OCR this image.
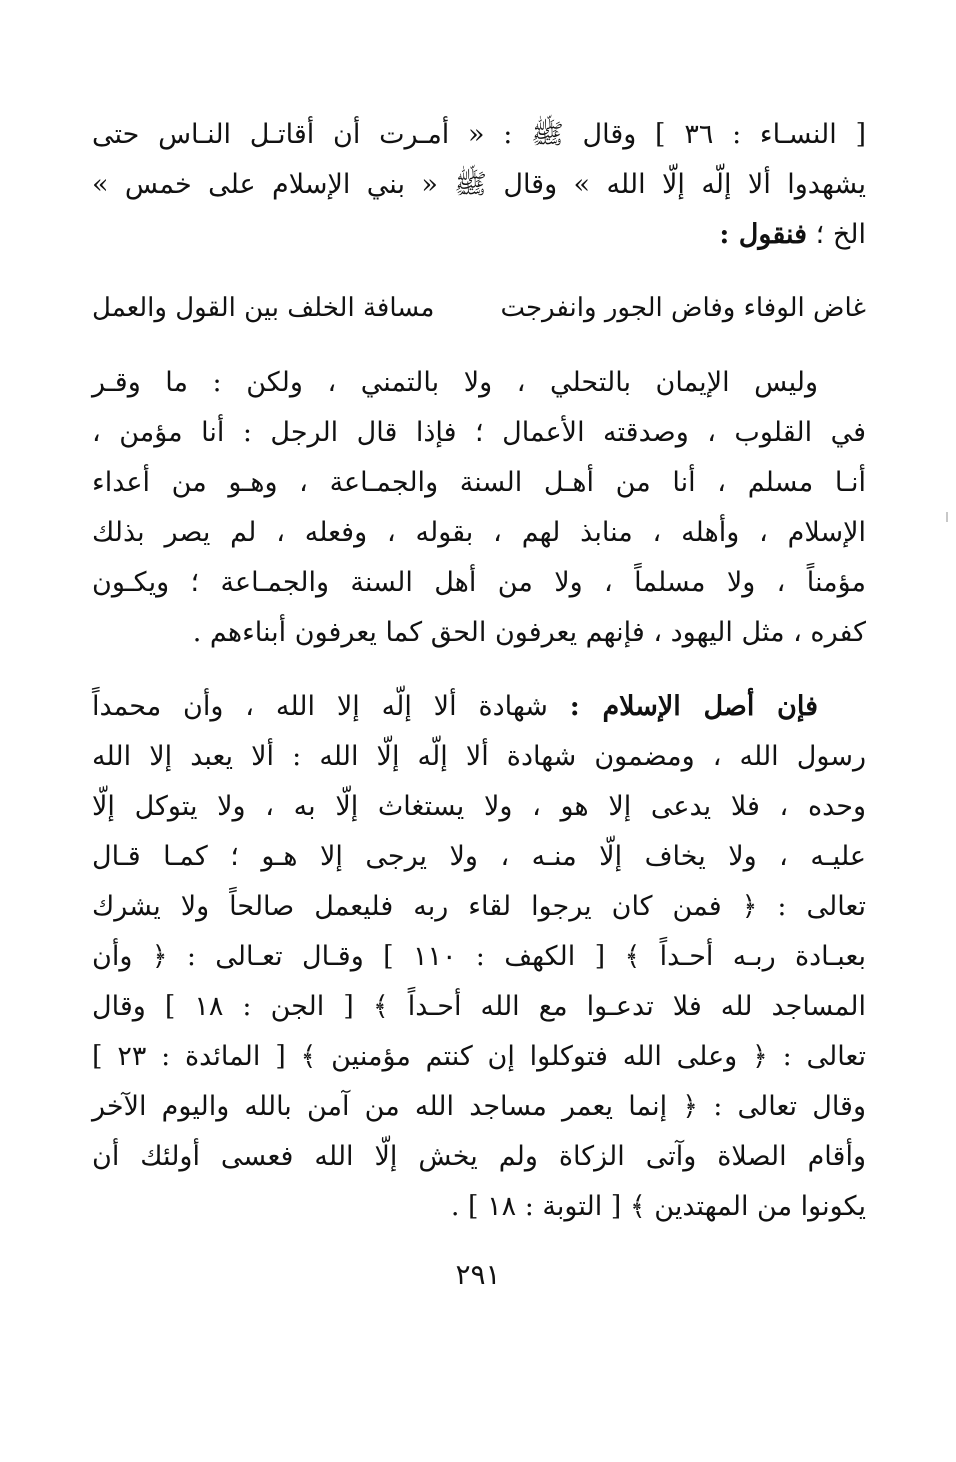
[ النسـاء : ٣٦ ] وقال ﷺ : « أمـرت أن أقاتـل النـاس حتى
يشهدوا ألا إلّه إلّا الله » وقال ﷺ « بني الإسلام على خمس »
الخ ؛ فنقول :
غاض الوفاء وفاض الجور وانفرجت
مسافة الخلف بين القول والعمل
وليس الإيمان بالتحلي ، ولا بالتمني ، ولكن : ما وقـر
في القلوب ، وصدقته الأعمال ؛ فإذا قال الرجل : أنا مؤمن ،
أنـا مسلم ، أنا من أهـل السنة والجمـاعة ، وهـو من أعداء
الإسلام ، وأهله ، منابذ لهم ، بقوله ، وفعله ، لم يصر بذلك
مؤمناً ، ولا مسلماً ، ولا من أهل السنة والجمـاعة ؛ ويكـون
كفره ، مثل اليهود ، فإنهم يعرفون الحق كما يعرفون أبناءهم .
فإن أصل الإسلام : شهادة ألا إلّه إلا الله ، وأن محمداً
رسول الله ، ومضمون شهادة ألا إلّه إلّا الله : ألا يعبد إلا الله
وحده ، فلا يدعى إلا هو ، ولا يستغاث إلّا به ، ولا يتوكل إلّا
عليـه ، ولا يخاف إلّا منـه ، ولا يرجى إلا هـو ؛ كمـا قـال
تعالى : ﴿ فمن كان يرجوا لقاء ربه فليعمل صالحاً ولا يشرك
بعبـادة ربـه أحـداً ﴾ [ الكهف : ١١٠ ] وقـال تعـالى : ﴿ وأن
المساجد لله فلا تدعـوا مع الله أحـداً ﴾ [ الجن : ١٨ ] وقال
تعالى : ﴿ وعلى الله فتوكلوا إن كنتم مؤمنين ﴾ [ المائدة : ٢٣ ]
وقال تعالى : ﴿ إنما يعمر مساجد الله من آمن بالله واليوم الآخر
وأقام الصلاة وآتى الزكاة ولم يخش إلّا الله فعسى أولئك أن
يكونوا من المهتدين ﴾ [ التوبة : ١٨ ] .
٢٩١
